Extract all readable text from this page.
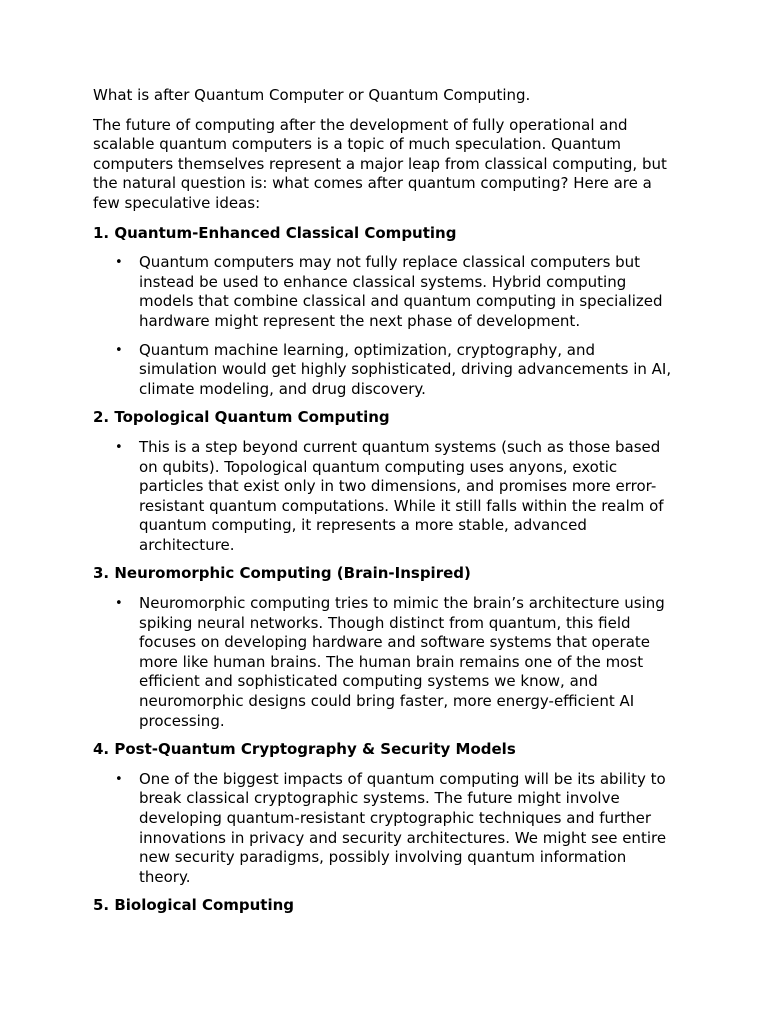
What is after Quantum Computer or Quantum Computing.

The future of computing after the development of fully operational and scalable quantum computers is a topic of much speculation. Quantum computers themselves represent a major leap from classical computing, but the natural question is: what comes after quantum computing? Here are a few speculative ideas:

1. Quantum-Enhanced Classical Computing

• Quantum computers may not fully replace classical computers but instead be used to enhance classical systems. Hybrid computing models that combine classical and quantum computing in specialized hardware might represent the next phase of development.
• Quantum machine learning, optimization, cryptography, and simulation would get highly sophisticated, driving advancements in AI, climate modeling, and drug discovery.

2. Topological Quantum Computing

• This is a step beyond current quantum systems (such as those based on qubits). Topological quantum computing uses anyons, exotic particles that exist only in two dimensions, and promises more error-resistant quantum computations. While it still falls within the realm of quantum computing, it represents a more stable, advanced architecture.

3. Neuromorphic Computing (Brain-Inspired)

• Neuromorphic computing tries to mimic the brain’s architecture using spiking neural networks. Though distinct from quantum, this field focuses on developing hardware and software systems that operate more like human brains. The human brain remains one of the most efficient and sophisticated computing systems we know, and neuromorphic designs could bring faster, more energy-efficient AI processing.

4. Post-Quantum Cryptography & Security Models

• One of the biggest impacts of quantum computing will be its ability to break classical cryptographic systems. The future might involve developing quantum-resistant cryptographic techniques and further innovations in privacy and security architectures. We might see entire new security paradigms, possibly involving quantum information theory.

5. Biological Computing
